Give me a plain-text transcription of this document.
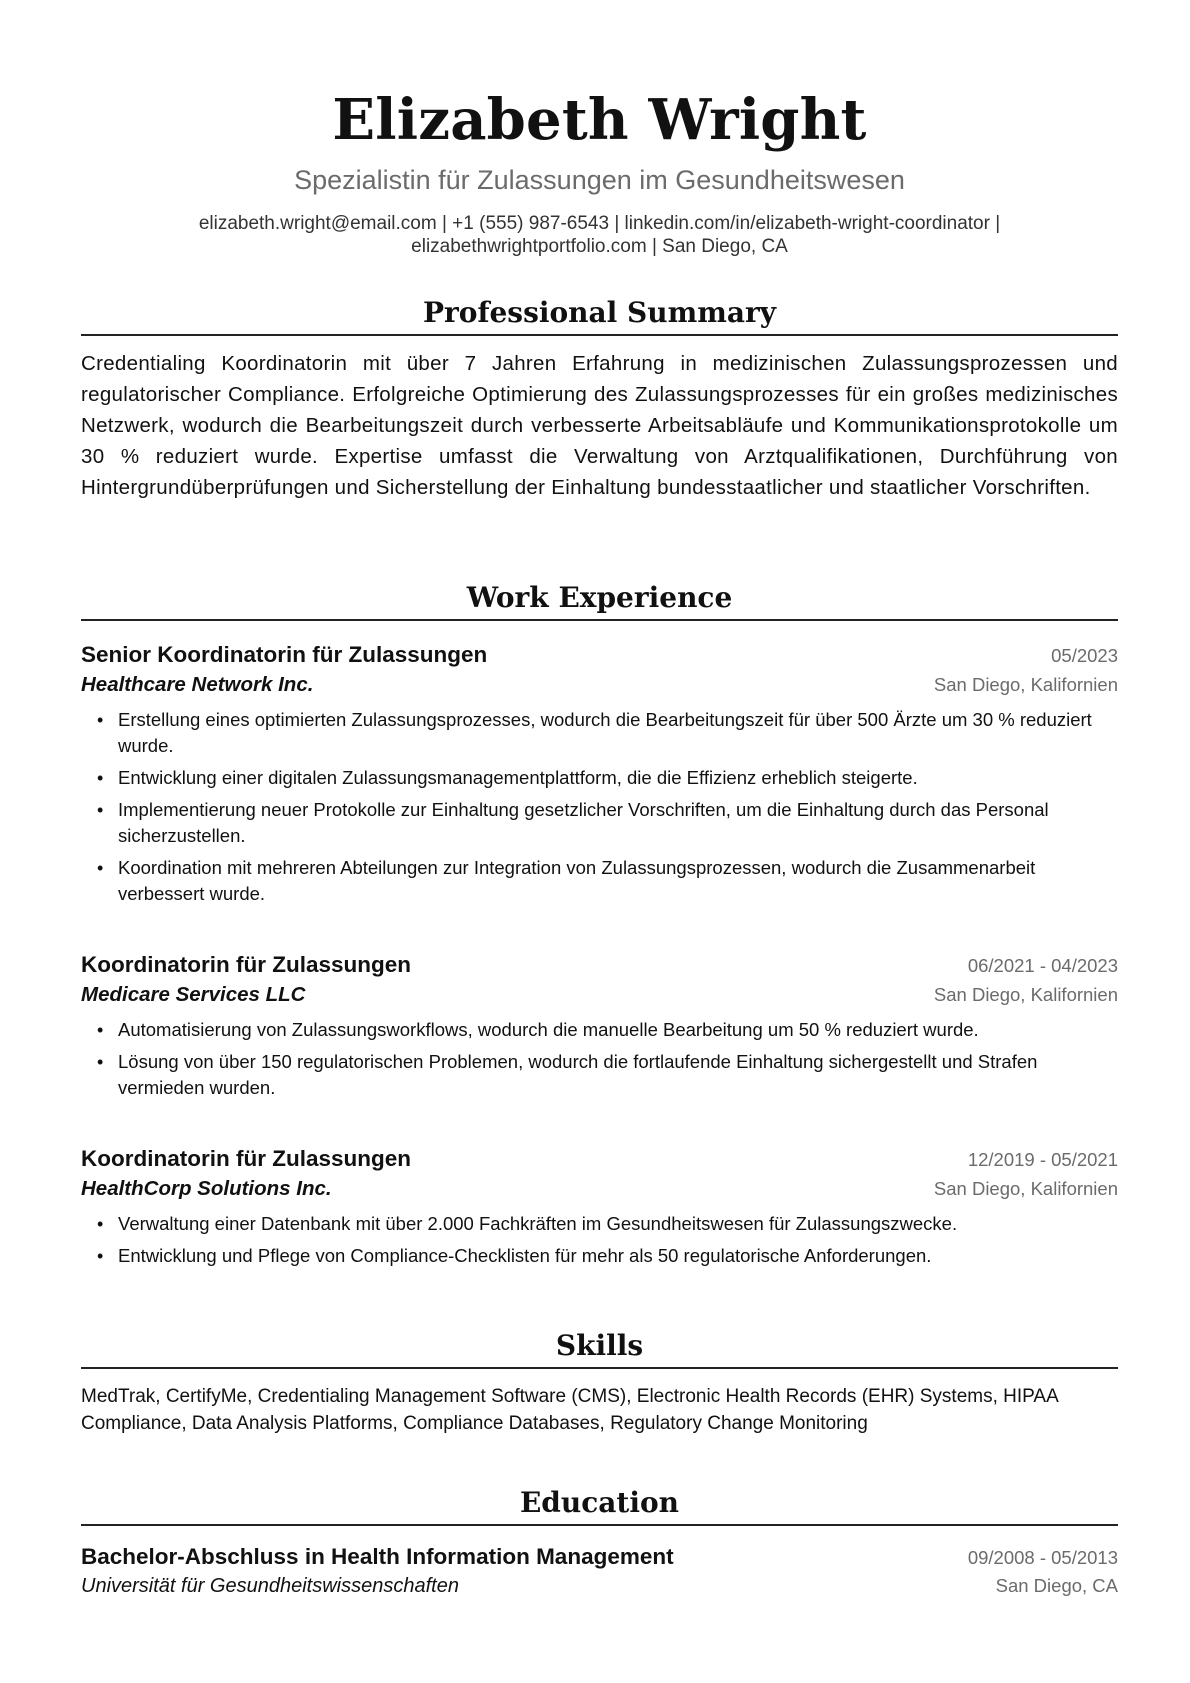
Elizabeth Wright
Spezialistin für Zulassungen im Gesundheitswesen
elizabeth.wright@email.com | +1 (555) 987-6543 | linkedin.com/in/elizabeth-wright-coordinator |
elizabethwrightportfolio.com | San Diego, CA
Professional Summary
Credentialing Koordinatorin mit über 7 Jahren Erfahrung in medizinischen Zulassungsprozessen und regulatorischer Compliance. Erfolgreiche Optimierung des Zulassungsprozesses für ein großes medizinisches Netzwerk, wodurch die Bearbeitungszeit durch verbesserte Arbeitsabläufe und Kommunikationsprotokolle um 30 % reduziert wurde. Expertise umfasst die Verwaltung von Arztqualifikationen, Durchführung von Hintergrundüberprüfungen und Sicherstellung der Einhaltung bundesstaatlicher und staatlicher Vorschriften.
Work Experience
Senior Koordinatorin für Zulassungen	05/2023
Healthcare Network Inc.	San Diego, Kalifornien
• Erstellung eines optimierten Zulassungsprozesses, wodurch die Bearbeitungszeit für über 500 Ärzte um 30 % reduziert wurde.
• Entwicklung einer digitalen Zulassungsmanagementplattform, die die Effizienz erheblich steigerte.
• Implementierung neuer Protokolle zur Einhaltung gesetzlicher Vorschriften, um die Einhaltung durch das Personal sicherzustellen.
• Koordination mit mehreren Abteilungen zur Integration von Zulassungsprozessen, wodurch die Zusammenarbeit verbessert wurde.
Koordinatorin für Zulassungen	06/2021 - 04/2023
Medicare Services LLC	San Diego, Kalifornien
• Automatisierung von Zulassungsworkflows, wodurch die manuelle Bearbeitung um 50 % reduziert wurde.
• Lösung von über 150 regulatorischen Problemen, wodurch die fortlaufende Einhaltung sichergestellt und Strafen vermieden wurden.
Koordinatorin für Zulassungen	12/2019 - 05/2021
HealthCorp Solutions Inc.	San Diego, Kalifornien
• Verwaltung einer Datenbank mit über 2.000 Fachkräften im Gesundheitswesen für Zulassungszwecke.
• Entwicklung und Pflege von Compliance-Checklisten für mehr als 50 regulatorische Anforderungen.
Skills
MedTrak, CertifyMe, Credentialing Management Software (CMS), Electronic Health Records (EHR) Systems, HIPAA Compliance, Data Analysis Platforms, Compliance Databases, Regulatory Change Monitoring
Education
Bachelor-Abschluss in Health Information Management	09/2008 - 05/2013
Universität für Gesundheitswissenschaften	San Diego, CA
